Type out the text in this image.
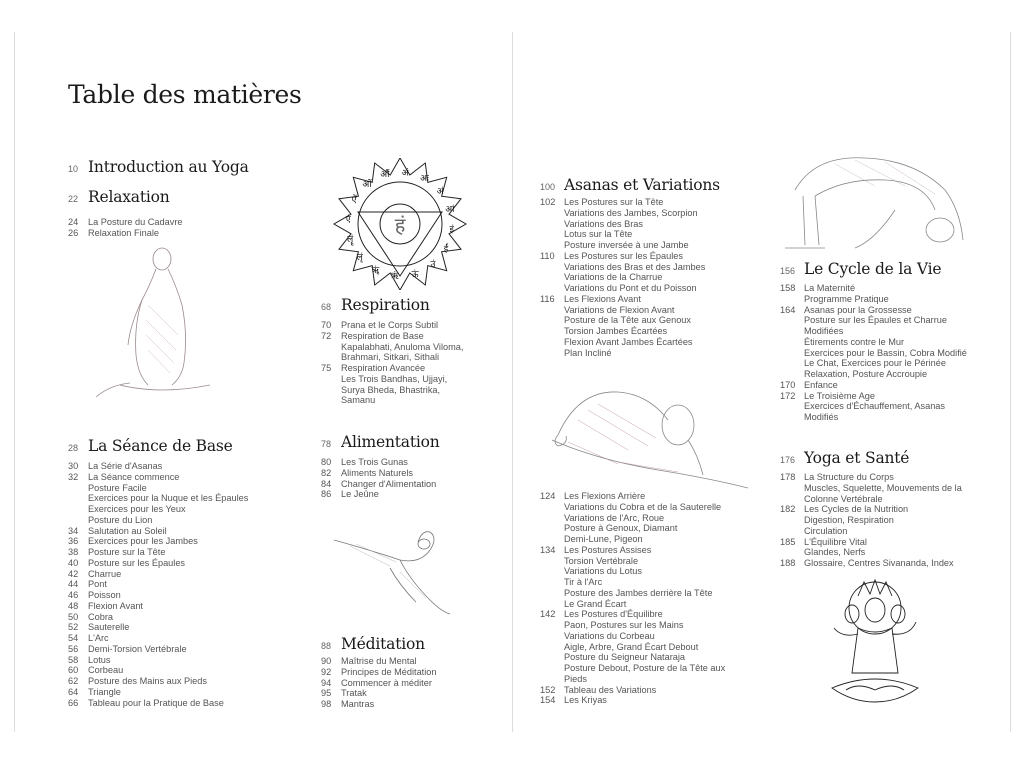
Table des matières
10 Introduction au Yoga
22 Relaxation
24	La Posture du Cadavre
26	Relaxation Finale
28 La Séance de Base
30	La Série d'Asanas
32	La Séance commence
Posture Facile
Exercices pour la Nuque et les Épaules
Exercices pour les Yeux
Posture du Lion
34	Salutation au Soleil
36	Exercices pour les Jambes
38	Posture sur la Tête
40	Posture sur les Épaules
42	Charrue
44	Pont
46	Poisson
48	Flexion Avant
50	Cobra
52	Sauterelle
54	L'Arc
56	Demi-Torsion Vertébrale
58	Lotus
60	Corbeau
62	Posture des Mains aux Pieds
64	Triangle
66	Tableau pour la Pratique de Base
अं
अः
अं
आं
इं
ईं
उं
ऊं
ऋं
ॠं
लृं
लॄं
एं
ऐं
ओं
औं
हं
68 Respiration
70	Prana et le Corps Subtil
72	Respiration de Base
Kapalabhati, Anuloma Viloma,
Brahmari, Sitkari, Sithali
75	Respiration Avancée
Les Trois Bandhas, Ujjayi,
Surya Bheda, Bhastrika,
Samanu
78 Alimentation
80	Les Trois Gunas
82	Aliments Naturels
84	Changer d'Alimentation
86	Le Jeûne
88 Méditation
90	Maîtrise du Mental
92	Principes de Méditation
94	Commencer à méditer
95	Tratak
98	Mantras
100 Asanas et Variations
102 Les Postures sur la Tête
Variations des Jambes, Scorpion
Variations des Bras
Lotus sur la Tête
Posture inversée à une Jambe
110	Les Postures sur les Épaules
Variations des Bras et des Jambes
Variations de la Charrue
Variations du Pont et du Poisson
116	Les Flexions Avant
Variations de Flexion Avant
Posture de la Tête aux Genoux
Torsion Jambes Écartées
Flexion Avant Jambes Écartées
Plan Incliné
124 Les Flexions Arrière
Variations du Cobra et de la Sauterelle
Variations de l'Arc, Roue
Posture à Genoux, Diamant
Demi-Lune, Pigeon
134 Les Postures Assises
Torsion Vertébrale
Variations du Lotus
Tir à l'Arc
Posture des Jambes derrière la Tête
Le Grand Écart
142 Les Postures d'Équilibre
Paon, Postures sur les Mains
Variations du Corbeau
Aigle, Arbre, Grand Écart Debout
Posture du Seigneur Nataraja
Posture Debout, Posture de la Tête aux
Pieds
152 Tableau des Variations
154 Les Kriyas
156 Le Cycle de la Vie
158 La Maternité
Programme Pratique
164 Asanas pour la Grossesse
Posture sur les Épaules et Charrue
Modifiées
Étirements contre le Mur
Exercices pour le Bassin, Cobra Modifié
Le Chat, Exercices pour le Périnée
Relaxation, Posture Accroupie
170 Enfance
172 Le Troisième Age
Exercices d'Échauffement, Asanas
Modifiés
176 Yoga et Santé
178 La Structure du Corps
Muscles, Squelette, Mouvements de la
Colonne Vertébrale
182 Les Cycles de la Nutrition
Digestion, Respiration
Circulation
185 L'Équilibre Vital
Glandes, Nerfs
188 Glossaire, Centres Sivananda, Index
